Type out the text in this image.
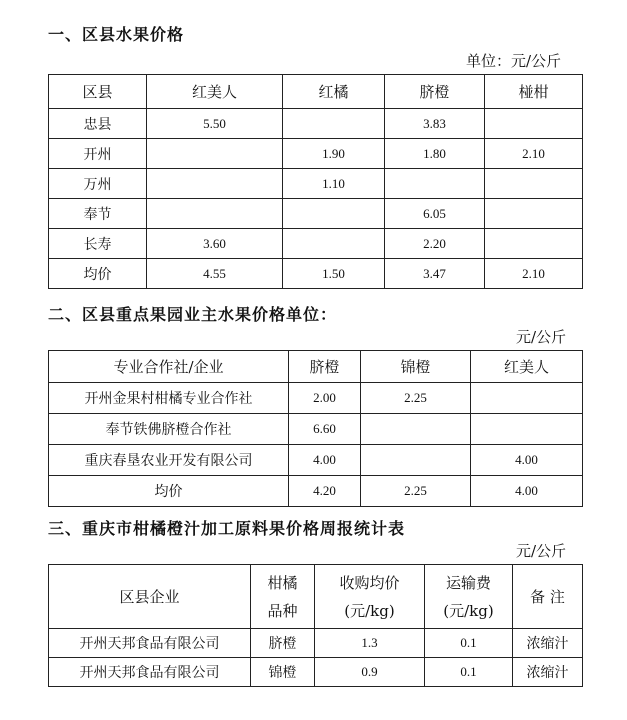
一、区县水果价格
单位：元/公斤
区县	红美人	红橘	脐橙	椪柑
忠县	5.50		3.83	
开州		1.90	1.80	2.10
万州		1.10		
奉节			6.05	
长寿	3.60		2.20	
均价	4.55	1.50	3.47	2.10
二、区县重点果园业主水果价格单位：
元/公斤
专业合作社/企业	脐橙	锦橙	红美人
开州金果村柑橘专业合作社	2.00	2.25	
奉节铁佛脐橙合作社	6.60		
重庆春垦农业开发有限公司	4.00		4.00
均价	4.20	2.25	4.00
三、重庆市柑橘橙汁加工原料果价格周报统计表
元/公斤
区县企业	柑橘品种	收购均价(元/kg)	运输费(元/kg)	备 注
开州天邦食品有限公司	脐橙	1.3	0.1	浓缩汁
开州天邦食品有限公司	锦橙	0.9	0.1	浓缩汁
